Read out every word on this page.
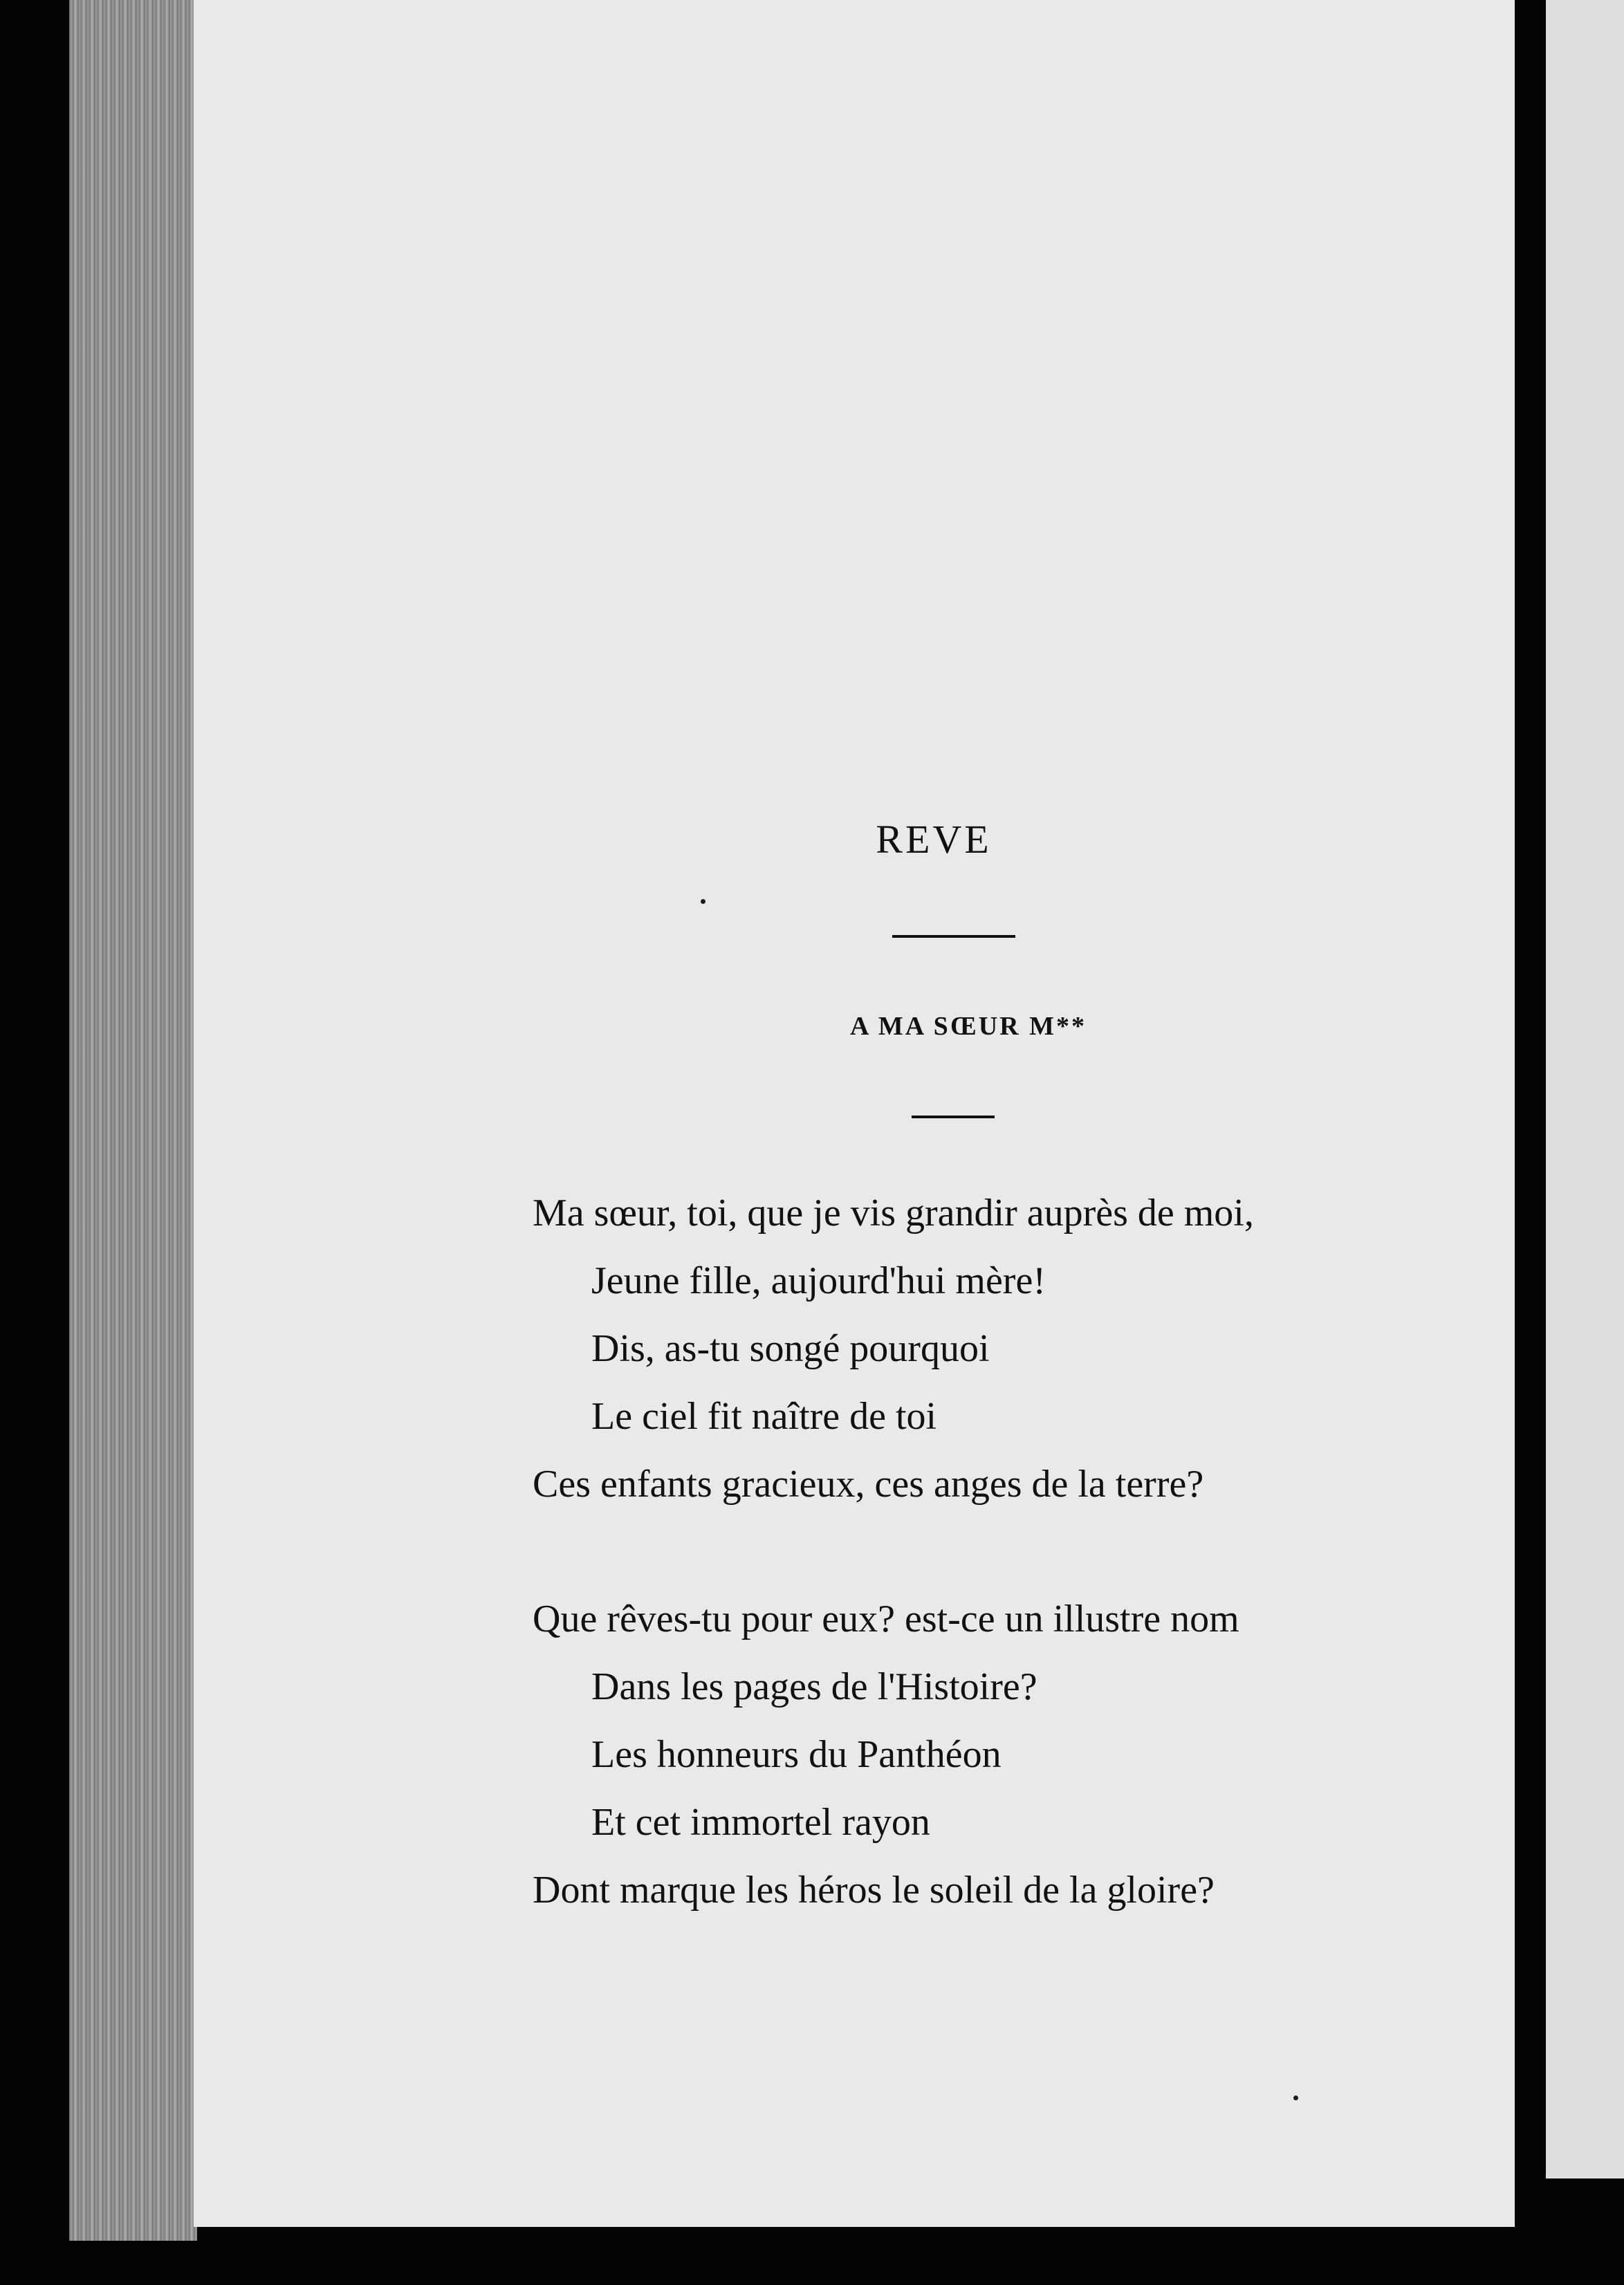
REVE

A MA SŒUR M**

Ma sœur, toi, que je vis grandir auprès de moi,
Jeune fille, aujourd'hui mère!
Dis, as-tu songé pourquoi
Le ciel fit naître de toi
Ces enfants gracieux, ces anges de la terre?
Que rêves-tu pour eux? est-ce un illustre nom
Dans les pages de l'Histoire?
Les honneurs du Panthéon
Et cet immortel rayon
Dont marque les héros le soleil de la gloire?
